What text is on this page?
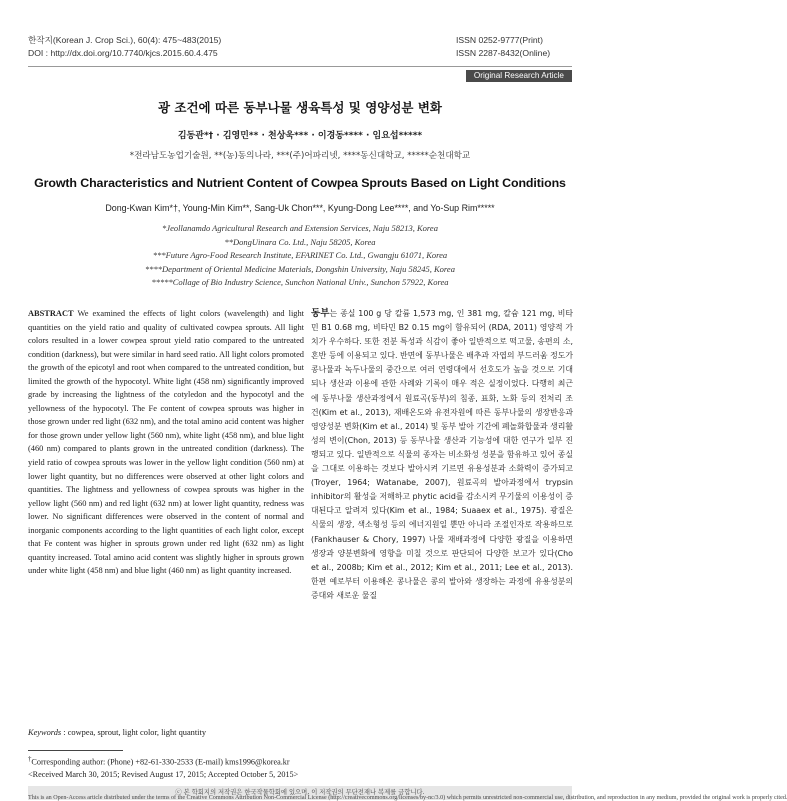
한작지(Korean J. Crop Sci.), 60(4): 475~483(2015)
DOI : http://dx.doi.org/10.7740/kjcs.2015.60.4.475
ISSN 0252-9777(Print)
ISSN 2287-8432(Online)
Original Research Article
광 조건에 따른 동부나물 생육특성 및 영양성분 변화
김동관*† · 김영민** · 천상욱*** · 이경동**** · 임요섭*****
*전라남도농업기술원, **(농)동의나라, ***(주)어파리넷, ****동신대학교, *****순천대학교
Growth Characteristics and Nutrient Content of Cowpea Sprouts Based on Light Conditions
Dong-Kwan Kim*†, Young-Min Kim**, Sang-Uk Chon***, Kyung-Dong Lee****, and Yo-Sup Rim*****
*Jeollanamdo Agricultural Research and Extension Services, Naju 58213, Korea
**DongUinara Co. Ltd., Naju 58205, Korea
***Future Agro-Food Research Institute, EFARINET Co. Ltd., Gwangju 61071, Korea
****Department of Oriental Medicine Materials, Dongshin University, Naju 58245, Korea
*****Collage of Bio Industry Science, Sunchon National Univ., Sunchon 57922, Korea
ABSTRACT We examined the effects of light colors (wavelength) and light quantities on the yield ratio and quality of cultivated cowpea sprouts. All light colors resulted in a lower cowpea sprout yield ratio compared to the untreated condition (darkness), but were similar in hard seed ratio. All light colors promoted the growth of the epicotyl and root when compared to the untreated condition, but limited the growth of the hypocotyl. White light (458 nm) significantly improved grade by increasing the lightness of the cotyledon and the hypocotyl and the yellowness of the hypocotyl. The Fe content of cowpea sprouts was higher in those grown under red light (632 nm), and the total amino acid content was higher for those grown under yellow light (560 nm), white light (458 nm), and blue light (460 nm) compared to plants grown in the untreated condition (darkness). The yield ratio of cowpea sprouts was lower in the yellow light condition (560 nm) at lower light quantity, but no differences were observed at other light colors and quantities. The lightness and yellowness of cowpea sprouts was higher in the yellow light (560 nm) and red light (632 nm) at lower light quantity, redness was lower. No significant differences were observed in the content of normal and inorganic components according to the light quantities of each light color, except that Fe content was higher in sprouts grown under red light (632 nm) as light quantity increased. Total amino acid content was slightly higher in sprouts grown under white light (458 nm) and blue light (460 nm) as light quantity increased.
Keywords : cowpea, sprout, light color, light quantity
동부는 종실 100 g 당 칼륨 1,573 mg, 인 381 mg, 칼슘 121 mg, 비타민 B1 0.68 mg, 비타민 B2 0.15 mg이 함유되어 (RDA, 2011) 영양적 가치가 우수하다. 또한 전분 특성과 식감이 좋아 일반적으로 떡고물, 송편의 소, 혼반 등에 이용되고 있다. 반면에 동부나물은 배추과 자엽의 부드러움 정도가 콩나물과 녹두나물의 중간으로 여러 연령대에서 선호도가 높을 것으로 기대되나 생산과 이용에 관한 사례와 기록이 매우 적은 실정이었다. 다행히 최근에 동부나물 생산과정에서 원료곡(동부)의 침종, 표화, 노화 등의 전처리 조건(Kim et al., 2013), 재배온도와 유전자원에 따른 동부나물의 생장반응과 영양성분 변화(Kim et al., 2014) 및 동부 발아 기간에 폐놀화합물과 생리활성의 변이(Chon, 2013) 등 동부나물 생산과 기능성에 대한 연구가 일부 진행되고 있다. 일반적으로 식물의 종자는 비소화성 성분을 함유하고 있어 종실을 그대로 이용하는 것보다 발아시켜 기르면 유용성분과 소화력이 증가되고 (Troyer, 1964; Watanabe, 2007), 원료곡의 발아과정에서 trypsin inhibitor의 활성을 저해하고 phytic acid를 감소시켜 무기물의 이용성이 증대된다고 알려져 있다(Kim et al., 1984; Suaaex et al., 1975). 광질은 식물의 생장, 색소형성 등의 에너지원일 뿐만 아니라 조절인자로 작용하므로(Fankhauser & Chory, 1997) 나물 재배과정에 다양한 광질을 이용하면 생장과 양분변화에 영향을 미칠 것으로 판단되어 다양한 보고가 있다(Cho et al., 2008b; Kim et al., 2012; Kim et al., 2011; Lee et al., 2013). 한편 예로부터 이용해온 콩나물은 콩의 발아와 생장하는 과정에 유용성분의 증대와 새로운 물질
†Corresponding author: (Phone) +82-61-330-2533 (E-mail) kms1996@korea.kr
<Received March 30, 2015; Revised August 17, 2015; Accepted October 5, 2015>
ⓒ 본 학회지의 저작권은 한국작물학회에 있으며, 이 저작권의 무단전재나 복제를 금합니다.
This is an Open-Access article distributed under the terms of the Creative Commons Attribution Non-Commercial License (http://creativecommons.org/licenses/by-nc/3.0) which permits unrestricted non-commercial use, distribution, and reproduction in any medium, provided the original work is properly cited.
